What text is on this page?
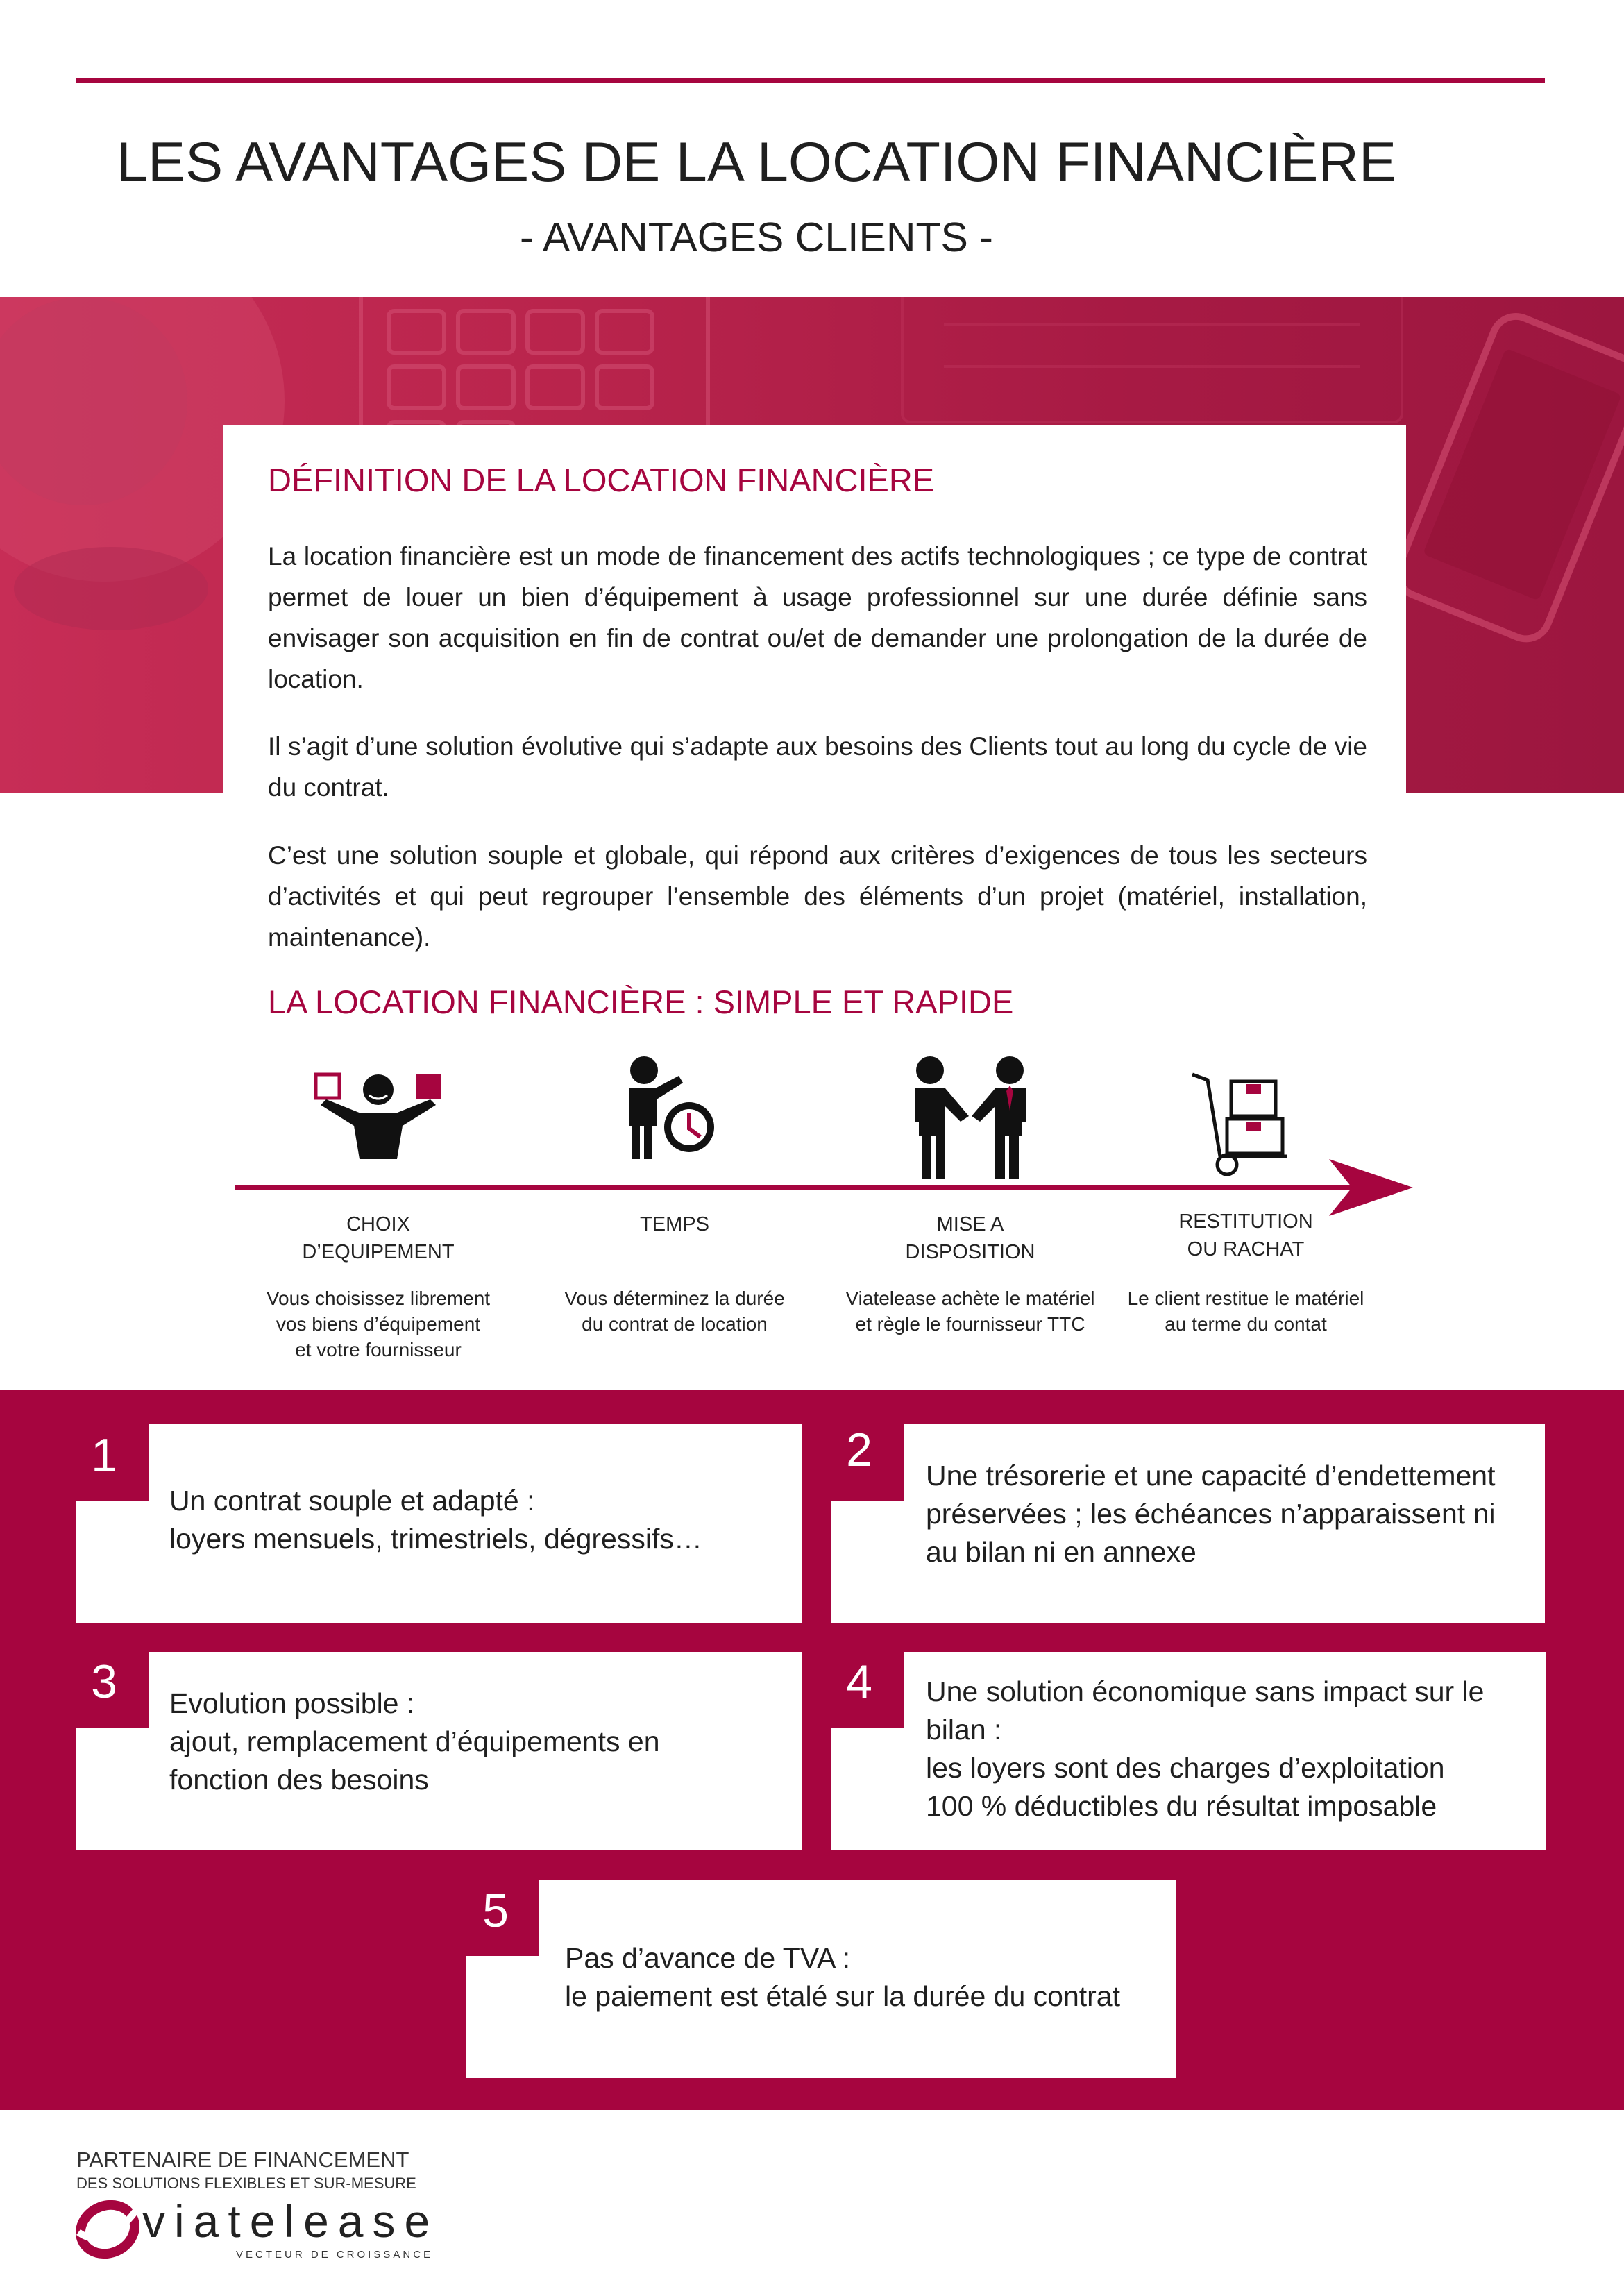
LES AVANTAGES DE LA LOCATION FINANCIÈRE
- AVANTAGES CLIENTS -
DÉFINITION DE LA LOCATION FINANCIÈRE
La location financière est un mode de financement des actifs technologiques ; ce type de contrat permet de louer un bien d’équipement à usage professionnel sur une durée définie sans envisager son acquisition en fin de contrat ou/et de demander une prolongation de la durée de location.
Il s’agit d’une solution évolutive qui s’adapte aux besoins des Clients tout au long du cycle de vie du contrat.
C’est une solution souple et globale, qui répond aux critères d’exigences de tous les secteurs d’activités et qui peut regrouper l’ensemble des éléments d’un projet (matériel, installation, maintenance).
LA LOCATION FINANCIÈRE : SIMPLE ET RAPIDE
CHOIX
D’EQUIPEMENT
Vous choisissez librement
vos biens d’équipement
et votre fournisseur
TEMPS
Vous déterminez la durée
du contrat de location
MISE A
DISPOSITION
Viatelease achète le matériel
et règle le fournisseur TTC
RESTITUTION
OU RACHAT
Le client restitue le matériel
au terme du contat
1
Un contrat souple et adapté :
loyers mensuels, trimestriels, dégressifs…
2	Une trésorerie et une capacité d’endettement
préservées ; les échéances n’apparaissent ni
au bilan ni en annexe
3	Evolution possible :
ajout, remplacement d’équipements en
fonction des besoins
4	Une solution économique sans impact sur le
bilan :
les loyers sont des charges d’exploitation
100 % déductibles du résultat imposable
5
Pas d’avance de TVA :
le paiement est étalé sur la durée du contrat
PARTENAIRE DE FINANCEMENT
DES SOLUTIONS FLEXIBLES ET SUR-MESURE
viatelease
VECTEUR DE CROISSANCE
